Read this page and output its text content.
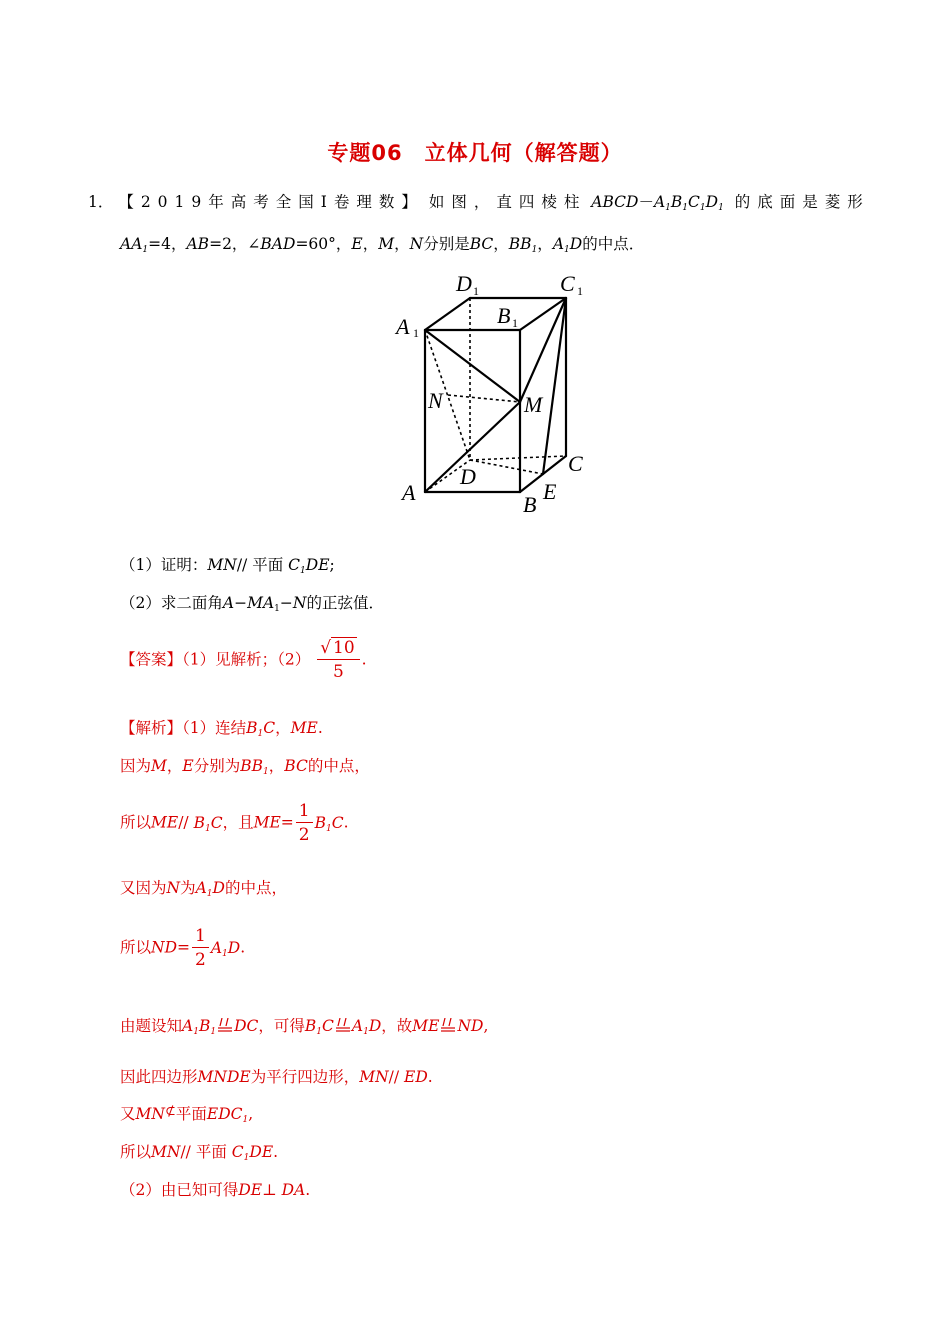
专题06　立体几何（解答题）
1． 【2019年高考全国Ⅰ卷理数】 如图，直四棱柱 $ABCD-A_1B_1C_1D_1$ 的底面是菱形
$AA_1=4$，AB=2，∠BAD=60°，E，M，N分别是BC，$BB_1$，$A_1D$的中点．
D 1	C 1
B 1
A 1
N	M
C
D
A	B
E
（1）证明：MN// 平面 $C_1DE$;
（2）求二面角$A-MA_1-N$的正弦值．
【答案】（1）见解析；$(2) \frac{√ 10}{5}$ .
【解析】（1）连结$B_1C$，ME.
因为M，E分别为$BB_1$，BC的中点，
所以ME// $B_1C$，且$ME= \frac{1}{2} B_1C$.
又因为N为$A_1D$的中点，
所以$ND= \frac{1}{2} A_1D$.
由题设知$A_1B_1$ DC，可得$B_1C$ $A_1D$，故ME ND,
因此四边形MNDE为平行四边形，MN// ED.
又MN⊄平面$EDC_1$,
所以MN// 平面 $C_1DE$.
（2）由已知可得DE⊥ DA.
